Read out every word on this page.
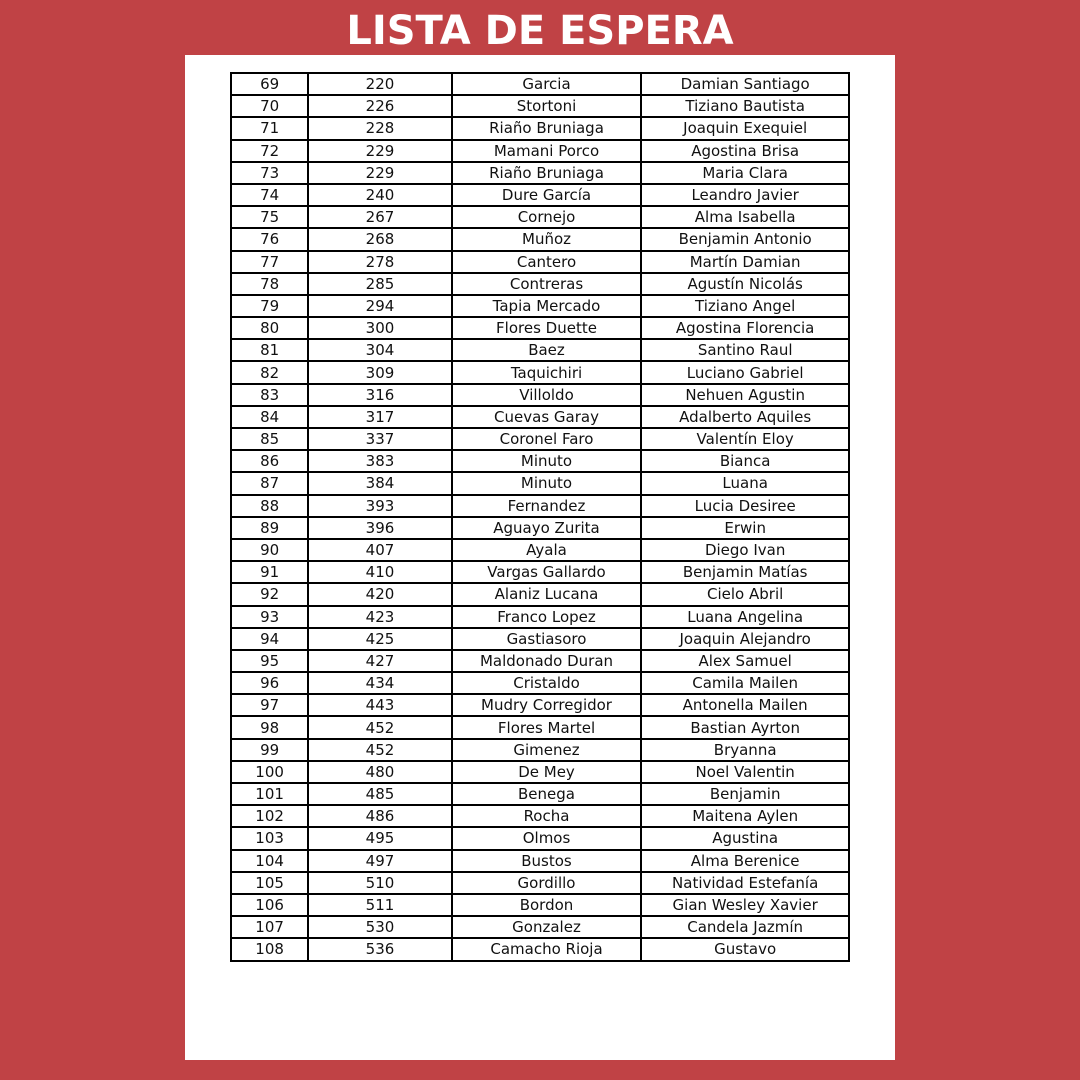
LISTA DE ESPERA
69	220	Garcia	Damian Santiago
70	226	Stortoni	Tiziano Bautista
71	228	Riaño Bruniaga	Joaquin Exequiel
72	229	Mamani Porco	Agostina Brisa
73	229	Riaño Bruniaga	Maria Clara
74	240	Dure García	Leandro Javier
75	267	Cornejo	Alma Isabella
76	268	Muñoz	Benjamin Antonio
77	278	Cantero	Martín Damian
78	285	Contreras	Agustín Nicolás
79	294	Tapia Mercado	Tiziano Angel
80	300	Flores Duette	Agostina Florencia
81	304	Baez	Santino Raul
82	309	Taquichiri	Luciano Gabriel
83	316	Villoldo	Nehuen Agustin
84	317	Cuevas Garay	Adalberto Aquiles
85	337	Coronel Faro	Valentín Eloy
86	383	Minuto	Bianca
87	384	Minuto	Luana
88	393	Fernandez	Lucia Desiree
89	396	Aguayo Zurita	Erwin
90	407	Ayala	Diego Ivan
91	410	Vargas Gallardo	Benjamin Matías
92	420	Alaniz Lucana	Cielo Abril
93	423	Franco Lopez	Luana Angelina
94	425	Gastiasoro	Joaquin Alejandro
95	427	Maldonado Duran	Alex Samuel
96	434	Cristaldo	Camila Mailen
97	443	Mudry Corregidor	Antonella Mailen
98	452	Flores Martel	Bastian Ayrton
99	452	Gimenez	Bryanna
100	480	De Mey	Noel Valentin
101	485	Benega	Benjamin
102	486	Rocha	Maitena Aylen
103	495	Olmos	Agustina
104	497	Bustos	Alma Berenice
105	510	Gordillo	Natividad Estefanía
106	511	Bordon	Gian Wesley Xavier
107	530	Gonzalez	Candela Jazmín
108	536	Camacho Rioja	Gustavo
